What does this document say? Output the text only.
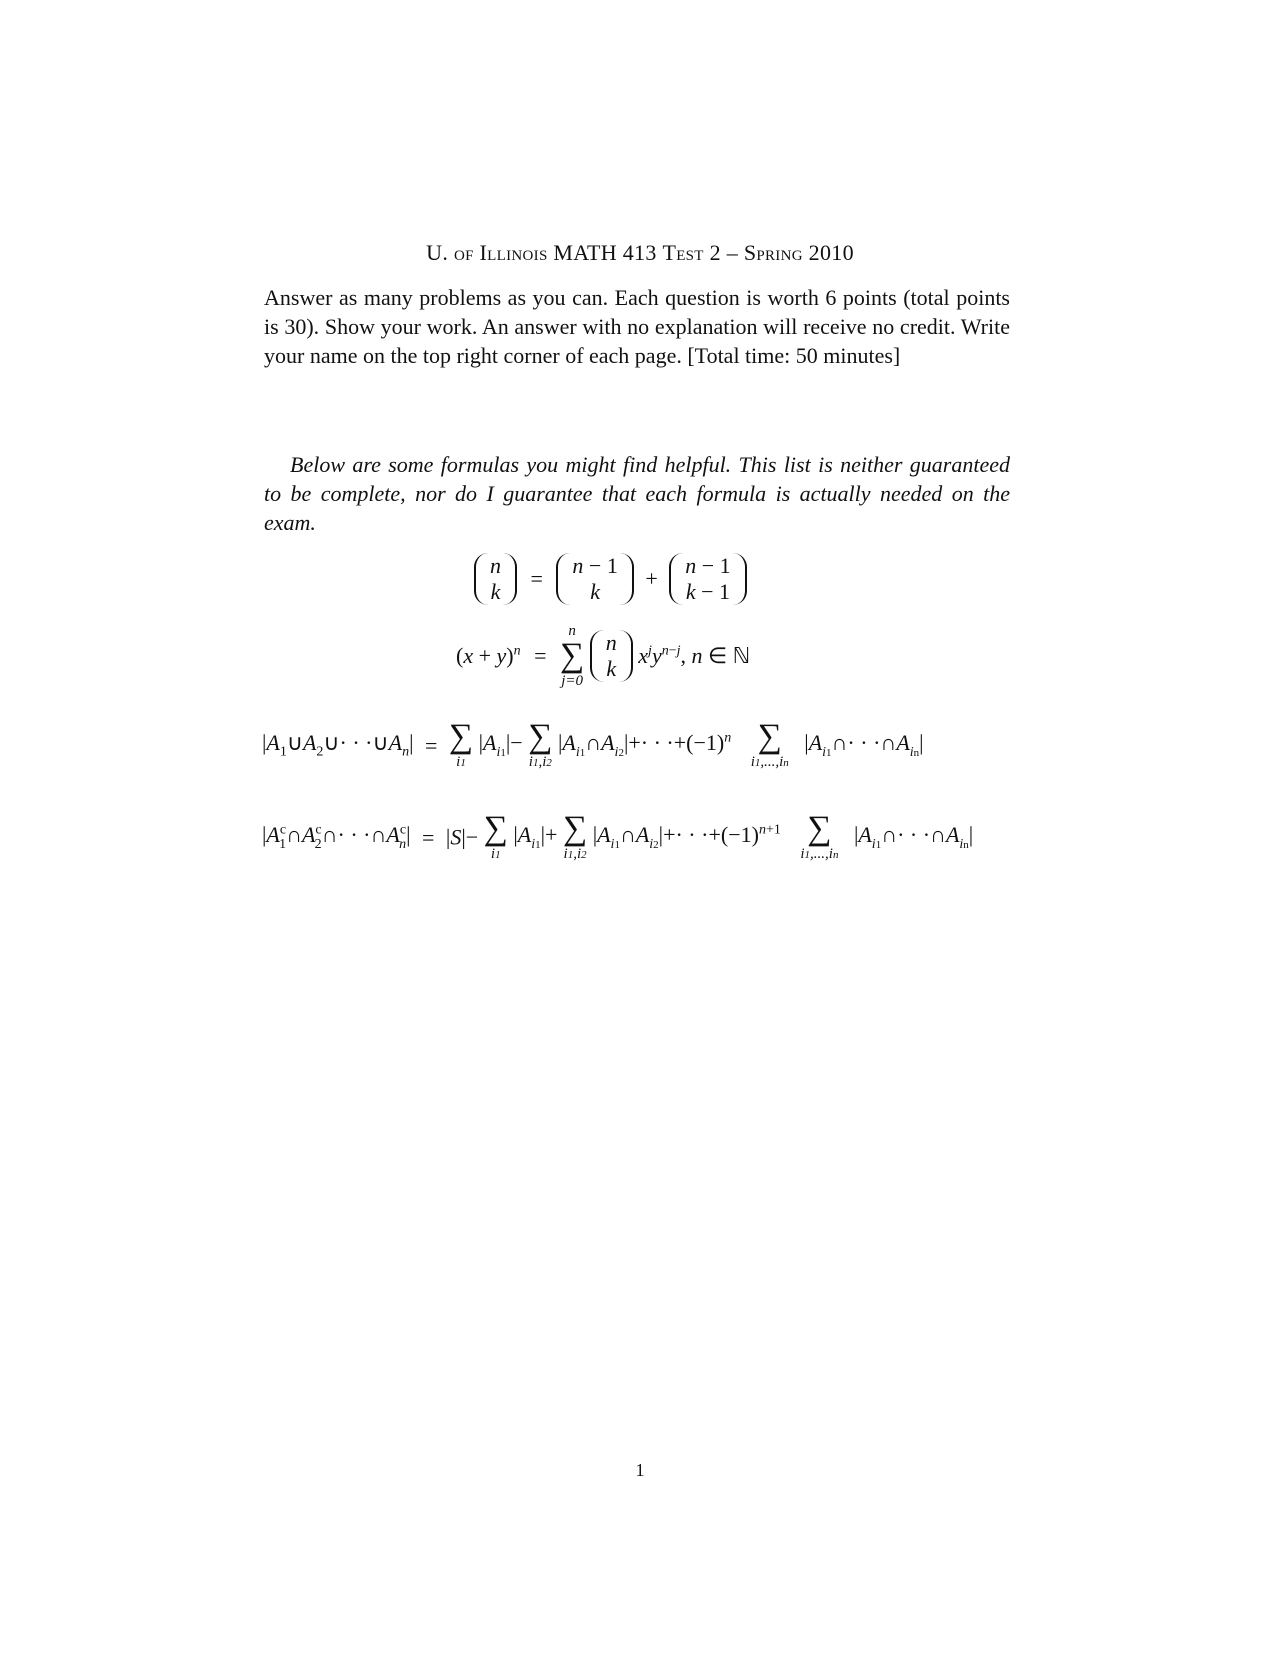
U. of Illinois MATH 413 Test 2 – Spring 2010
Answer as many problems as you can. Each question is worth 6 points (total points is 30). Show your work. An answer with no explanation will receive no credit. Write your name on the top right corner of each page. [Total time: 50 minutes]
Below are some formulas you might find helpful. This list is neither guaranteed to be complete, nor do I guarantee that each formula is actually needed on the exam.
n
k
=
n − 1
k
+
n − 1
k − 1
$(x + y)^n$ =
n
∑
j=0

n
k
$x^jy^{n-j}$, n ∈ ℕ
$|A_1\cup A_2\cup\cdot$ · $\cdot\cup A_n|$ = ∑
i1
$|A_{i1}|-$ ∑
i1,i2
$|A_{i1}\cap A_{i2}|+\cdot \cdot \cdot+(-1)^n$ ∑
i1,...,in
$|A_{i1}\cap\cdot$ · $\cdot\cap A_{in}|$
$|A^c_1\cap A^c_2\cap\cdot$ · $\cdot\cap A^c_n| = |S|-$ ∑
i1
$|A_{i1}|+$ ∑
i1,i2
$|A_{i1}\cap A_{i2}|+\cdot \cdot \cdot+(-1)^{n+1}$ ∑
i1,...,in
$|A_{i1}\cap\cdot$ · $\cdot\cap A_{in}|$
1
